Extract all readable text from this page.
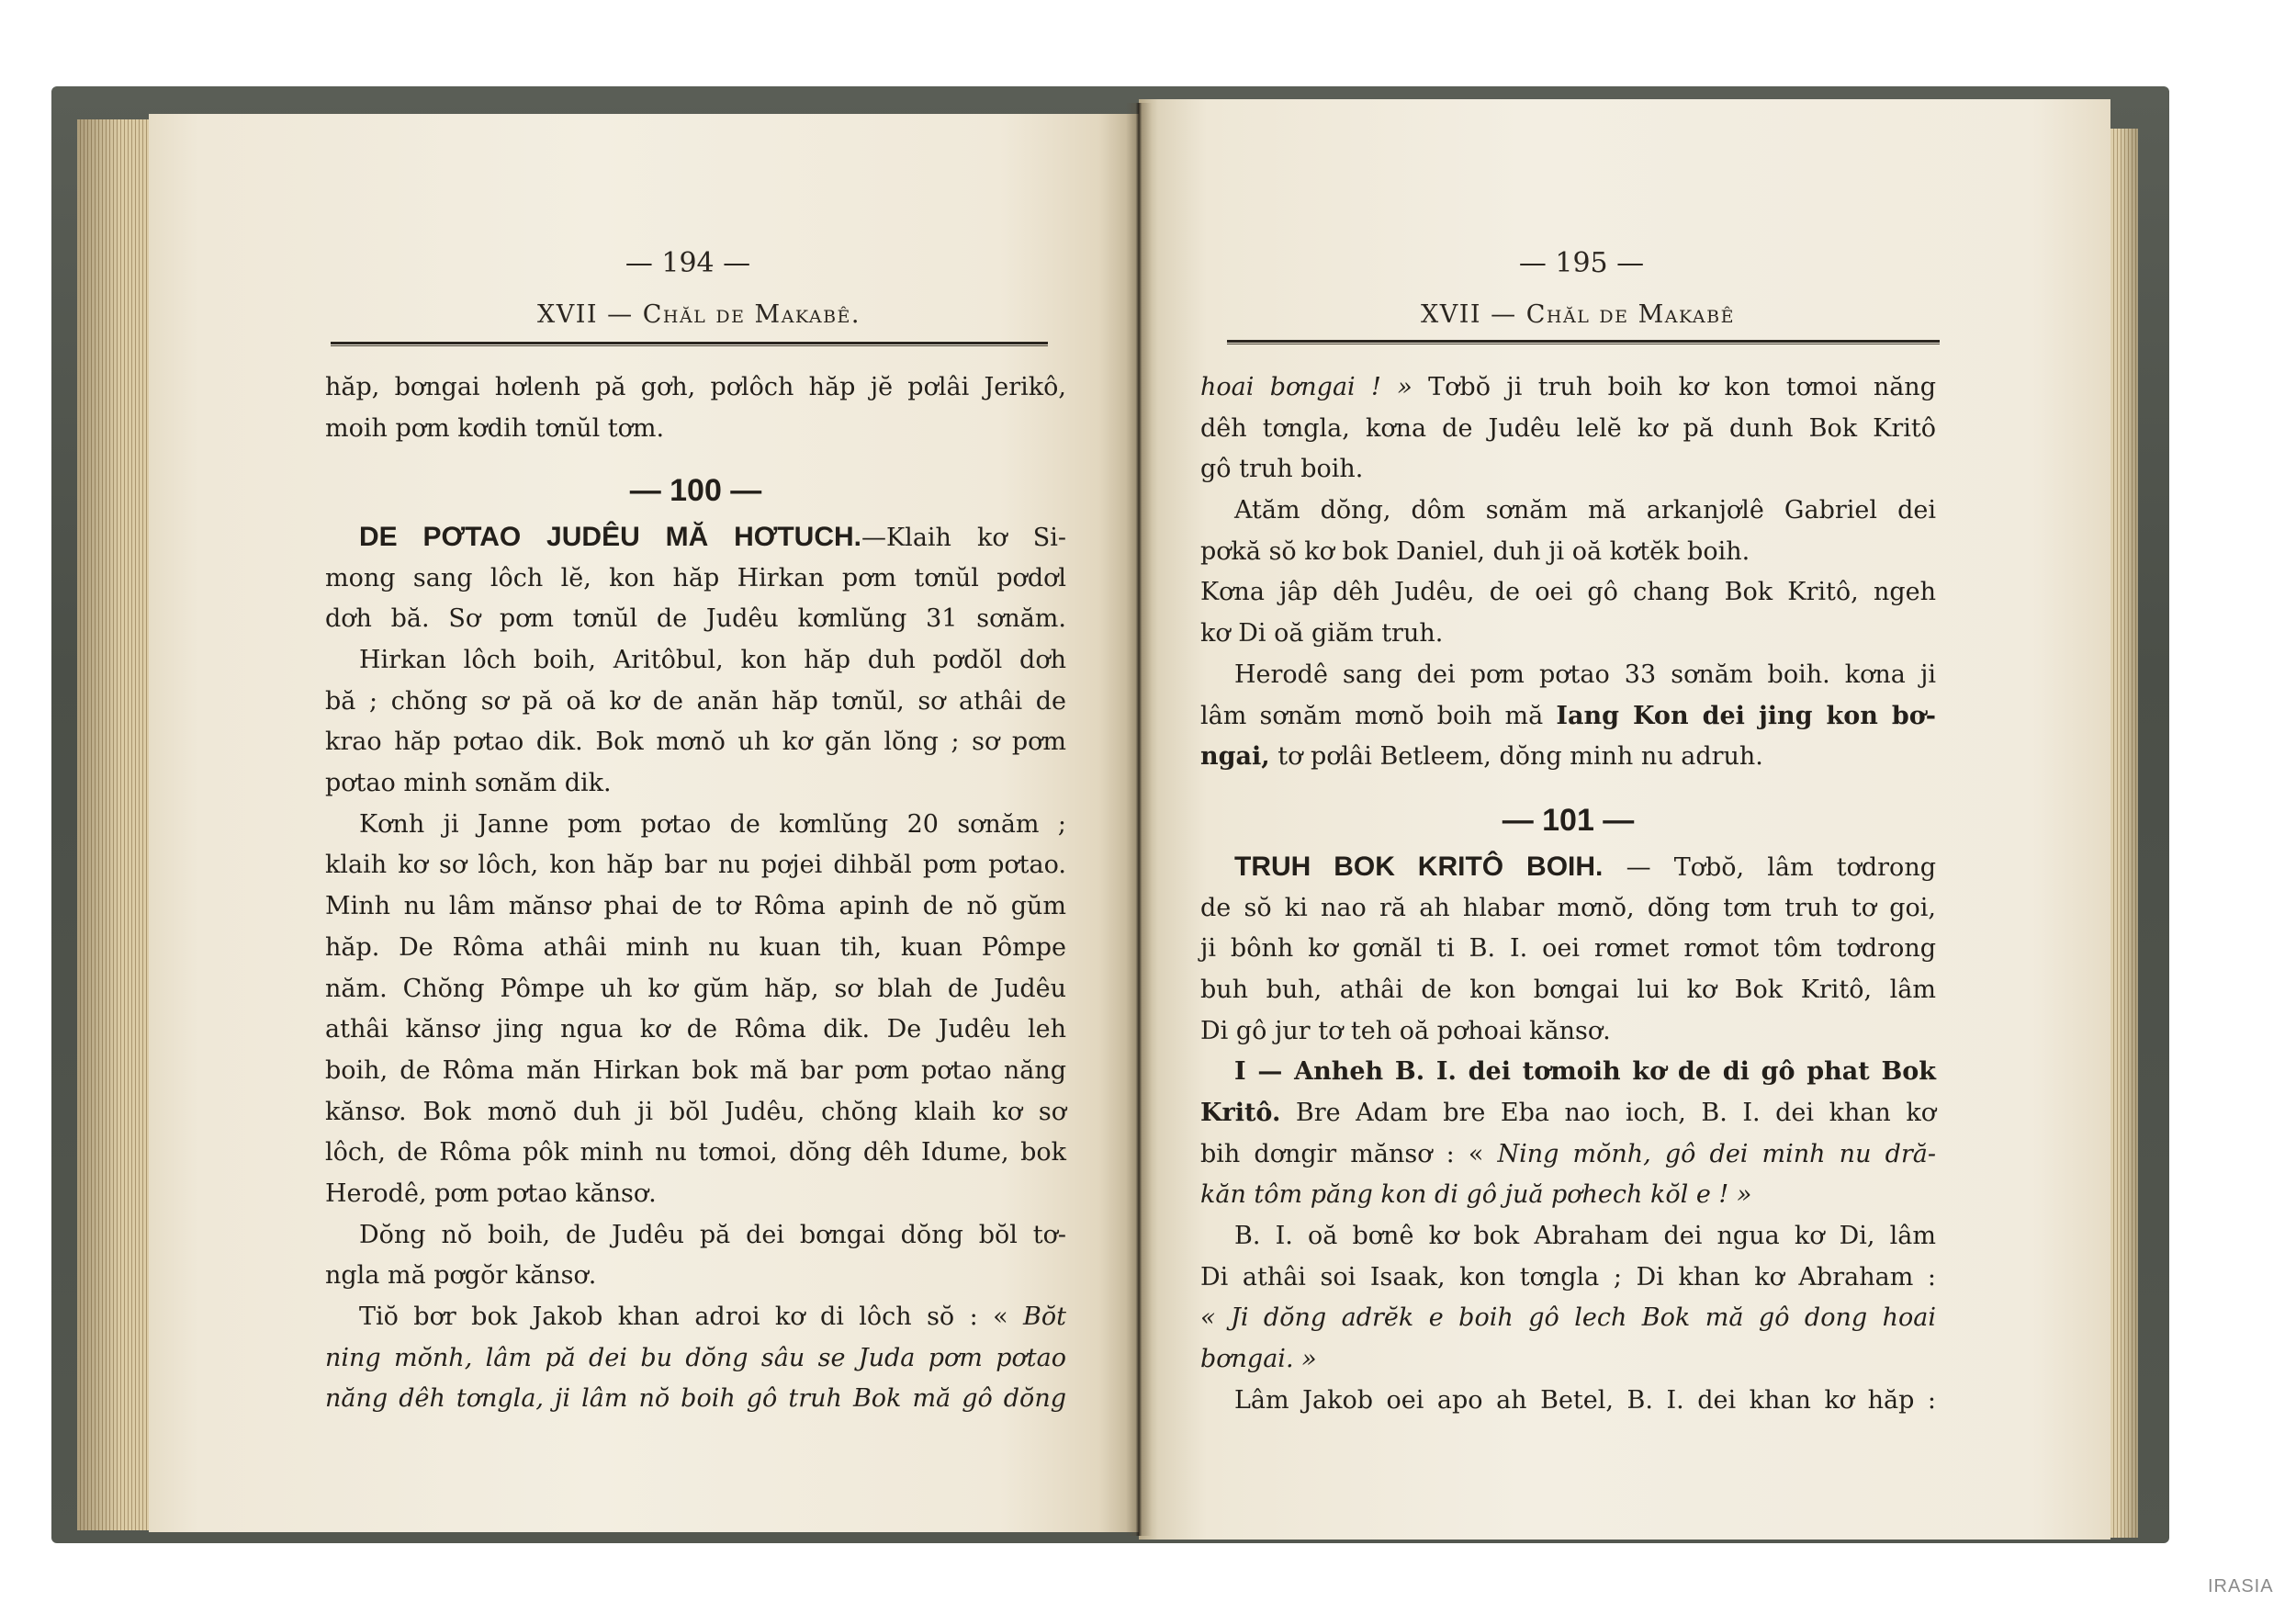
— 194 —
XVII — Chăl de Makabê.
— 195 —
XVII — Chăl de Makabê
hăp, bơngai hơlenh pă gơh, pơlôch hăp jĕ pơlâi Jerikô,
moih pơm kơdih tơnŭl tơm.
— 100 —
DE PƠTAO JUDÊU MĂ HƠTUCH.—Klaih kơ Si-
mong sang lôch lĕ, kon hăp Hirkan pơm tơnŭl pơdơl
dơh bă. Sơ pơm tơnŭl de Judêu kơmlŭng 31 sơnăm.
Hirkan lôch boih, Aritôbul, kon hăp duh pơdŏl dơh
bă ; chŏng sơ pă oă kơ de anăn hăp tơnŭl, sơ athâi de
krao hăp pơtao dik. Bok mơnŏ uh kơ găn lŏng ; sơ pơm
pơtao minh sơnăm dik.
Kơnh ji Janne pơm pơtao de kơmlŭng 20 sơnăm ;
klaih kơ sơ lôch, kon hăp bar nu pơjei dihbăl pơm pơtao.
Minh nu lâm mănsơ phai de tơ Rôma apinh de nŏ gŭm
hăp. De Rôma athâi minh nu kuan tih, kuan Pômpe
năm. Chŏng Pômpe uh kơ gŭm hăp, sơ blah de Judêu
athâi kănsơ jing ngua kơ de Rôma dik. De Judêu leh
boih, de Rôma măn Hirkan bok mă bar pơm pơtao năng
kănsơ. Bok mơnŏ duh ji bŏl Judêu, chŏng klaih kơ sơ
lôch, de Rôma pôk minh nu tơmoi, dŏng dêh Idume, bok
Herodê, pơm pơtao kănsơ.
Dŏng nŏ boih, de Judêu pă dei bơngai dŏng bŏl tơ-
ngla mă pơgŏr kănsơ.
Tiŏ bơr bok Jakob khan adroi kơ di lôch sŏ : « Bŏt
ning mŏnh, lâm pă dei bu dŏng sâu se Juda pơm pơtao
năng dêh tơngla, ji lâm nŏ boih gô truh Bok mă gô dŏng
hoai bơngai ! » Tơbŏ ji truh boih kơ kon tơmoi năng
dêh tơngla, kơna de Judêu lelĕ kơ pă dunh Bok Kritô
gô truh boih.
Atăm dŏng, dôm sơnăm mă arkanjơlê Gabriel dei
pơkă sŏ kơ bok Daniel, duh ji oă kơtĕk boih.
Kơna jâp dêh Judêu, de oei gô chang Bok Kritô, ngeh
kơ Di oă giăm truh.
Herodê sang dei pơm pơtao 33 sơnăm boih. kơna ji
lâm sơnăm mơnŏ boih mă Iang Kon dei jing kon bơ-
ngai, tơ pơlâi Betleem, dŏng minh nu adruh.
— 101 —
TRUH BOK KRITÔ BOIH. — Tơbŏ, lâm tơdrong
de sŏ ki nao ră ah hlabar mơnŏ, dŏng tơm truh tơ goi,
ji bônh kơ gơnăl ti B. I. oei rơmet rơmot tôm tơdrong
buh buh, athâi de kon bơngai lui kơ Bok Kritô, lâm
Di gô jur tơ teh oă pơhoai kănsơ.
I — Anheh B. I. dei tơmoih kơ de di gô phat Bok
Kritô. Bre Adam bre Eba nao ioch, B. I. dei khan kơ
bih dơngir mănsơ : « Ning mŏnh, gô dei minh nu dră-
kăn tôm păng kon di gô juă pơhech kŏl e ! »
B. I. oă bơnê kơ bok Abraham dei ngua kơ Di, lâm
Di athâi soi Isaak, kon tơngla ; Di khan kơ Abraham :
« Ji dŏng adrĕk e boih gô lech Bok mă gô dong hoai
bơngai. »
Lâm Jakob oei apo ah Betel, B. I. dei khan kơ hăp :
IRASIA
